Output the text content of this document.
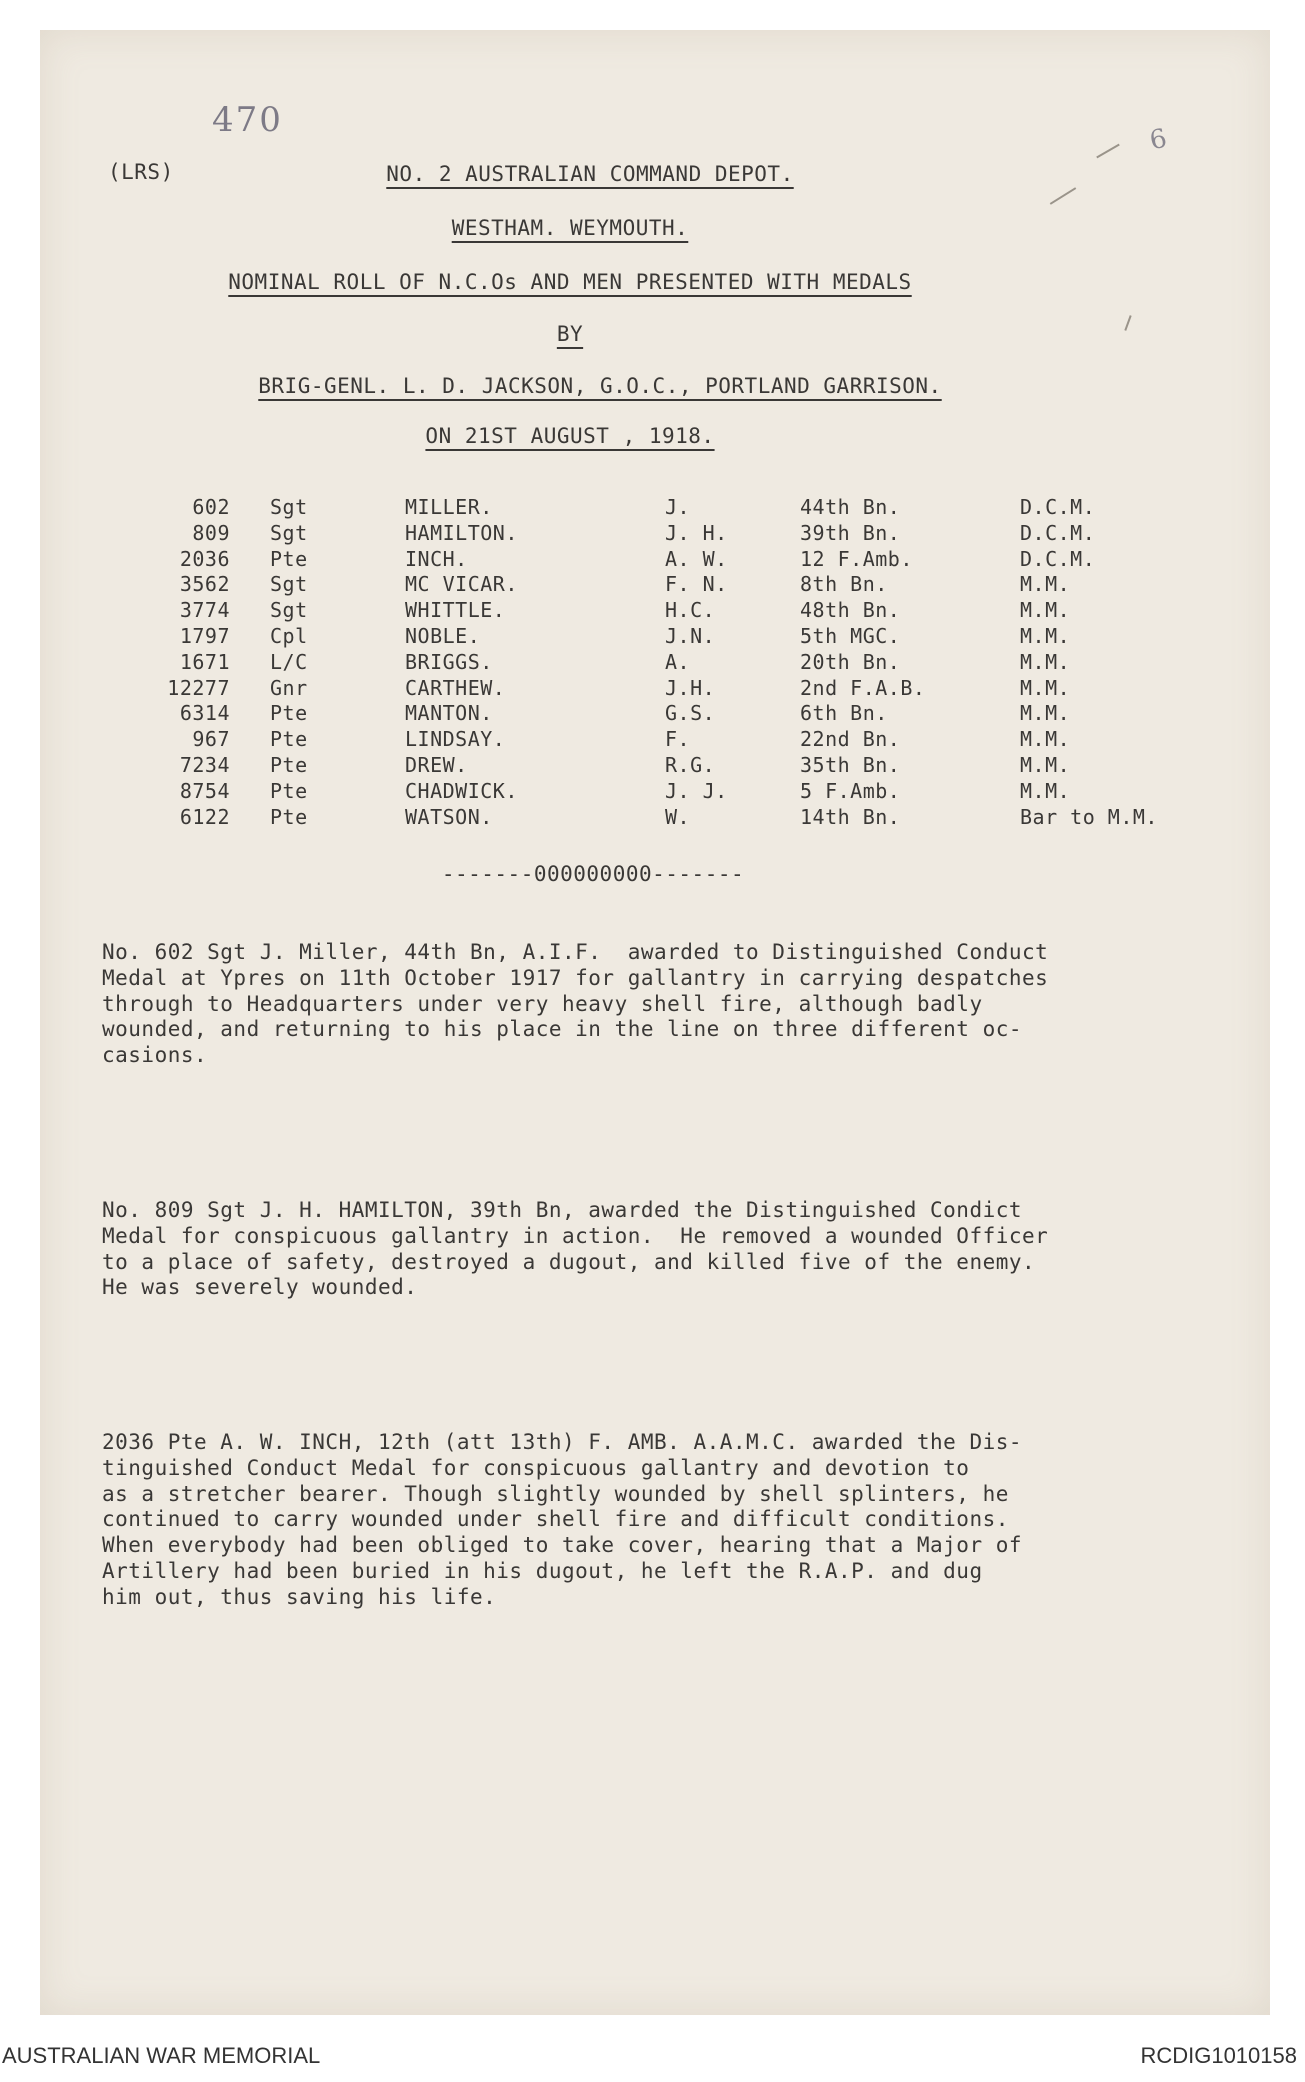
470
6
(LRS)	NO. 2 AUSTRALIAN COMMAND DEPOT.
WESTHAM. WEYMOUTH.
NOMINAL ROLL OF N.C.Os AND MEN PRESENTED WITH MEDALS
BY
BRIG-GENL. L. D. JACKSON, G.O.C., PORTLAND GARRISON.
ON 21ST AUGUST , 1918.
602	Sgt	MILLER.	J.	44th Bn.	D.C.M.
809	Sgt	HAMILTON.	J. H.	39th Bn.	D.C.M.
2036	Pte	INCH.	A. W.	12 F.Amb.	D.C.M.
3562	Sgt	MC VICAR.	F. N.	8th Bn.	M.M.
3774	Sgt	WHITTLE.	H.C.	48th Bn.	M.M.
1797	Cpl	NOBLE.	J.N.	5th MGC.	M.M.
1671	L/C	BRIGGS.	A.	20th Bn.	M.M.
12277	Gnr	CARTHEW.	J.H.	2nd F.A.B.	M.M.
6314	Pte	MANTON.	G.S.	6th Bn.	M.M.
967	Pte	LINDSAY.	F.	22nd Bn.	M.M.
7234	Pte	DREW.	R.G.	35th Bn.	M.M.
8754	Pte	CHADWICK.	J. J.	5 F.Amb.	M.M.
6122	Pte	WATSON.	W.	14th Bn.	Bar to M.M.
-------000000000-------
No. 602 Sgt J. Miller, 44th Bn, A.I.F.  awarded to Distinguished Conduct
Medal at Ypres on 11th October 1917 for gallantry in carrying despatches
through to Headquarters under very heavy shell fire, although badly
wounded, and returning to his place in the line on three different oc-
casions.
No. 809 Sgt J. H. HAMILTON, 39th Bn, awarded the Distinguished Condict
Medal for conspicuous gallantry in action.  He removed a wounded Officer
to a place of safety, destroyed a dugout, and killed five of the enemy.
He was severely wounded.
2036 Pte A. W. INCH, 12th (att 13th) F. AMB. A.A.M.C. awarded the Dis-
tinguished Conduct Medal for conspicuous gallantry and devotion to
as a stretcher bearer. Though slightly wounded by shell splinters, he
continued to carry wounded under shell fire and difficult conditions.
When everybody had been obliged to take cover, hearing that a Major of
Artillery had been buried in his dugout, he left the R.A.P. and dug
him out, thus saving his life.
AUSTRALIAN WAR MEMORIAL	RCDIG1010158
